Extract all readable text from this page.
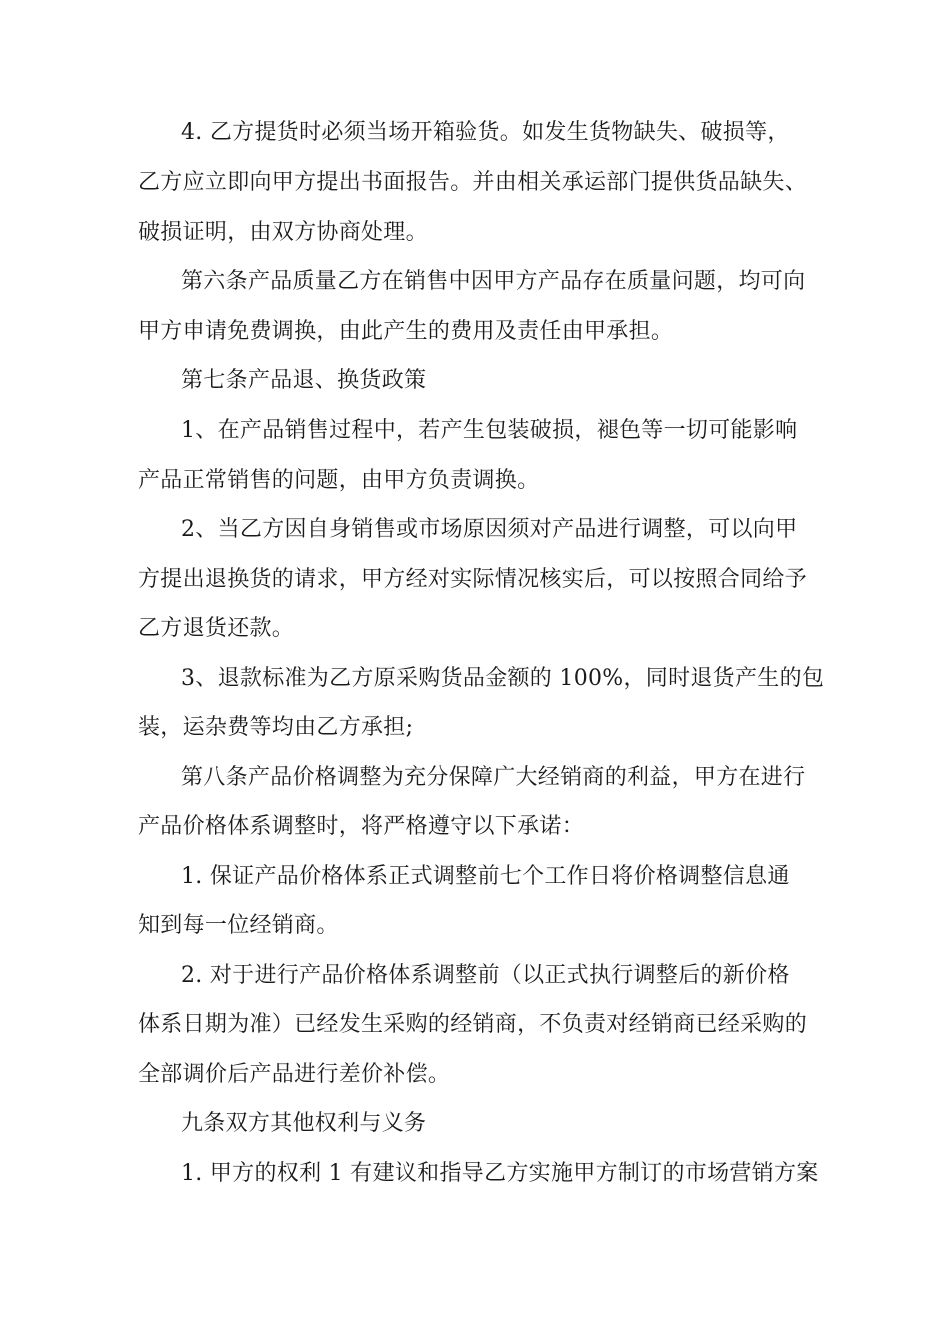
4. 乙方提货时必须当场开箱验货。如发生货物缺失、破损等，
乙方应立即向甲方提出书面报告。并由相关承运部门提供货品缺失、
破损证明，由双方协商处理。
第六条产品质量乙方在销售中因甲方产品存在质量问题，均可向
甲方申请免费调换，由此产生的费用及责任由甲承担。
第七条产品退、换货政策
1、在产品销售过程中，若产生包装破损，褪色等一切可能影响
产品正常销售的问题，由甲方负责调换。
2、当乙方因自身销售或市场原因须对产品进行调整，可以向甲
方提出退换货的请求，甲方经对实际情况核实后，可以按照合同给予
乙方退货还款。
3、退款标准为乙方原采购货品金额的 100%，同时退货产生的包
装，运杂费等均由乙方承担;
第八条产品价格调整为充分保障广大经销商的利益，甲方在进行
产品价格体系调整时，将严格遵守以下承诺：
1. 保证产品价格体系正式调整前七个工作日将价格调整信息通
知到每一位经销商。
2. 对于进行产品价格体系调整前（以正式执行调整后的新价格
体系日期为准）已经发生采购的经销商，不负责对经销商已经采购的
全部调价后产品进行差价补偿。
九条双方其他权利与义务
1. 甲方的权利 1 有建议和指导乙方实施甲方制订的市场营销方案
